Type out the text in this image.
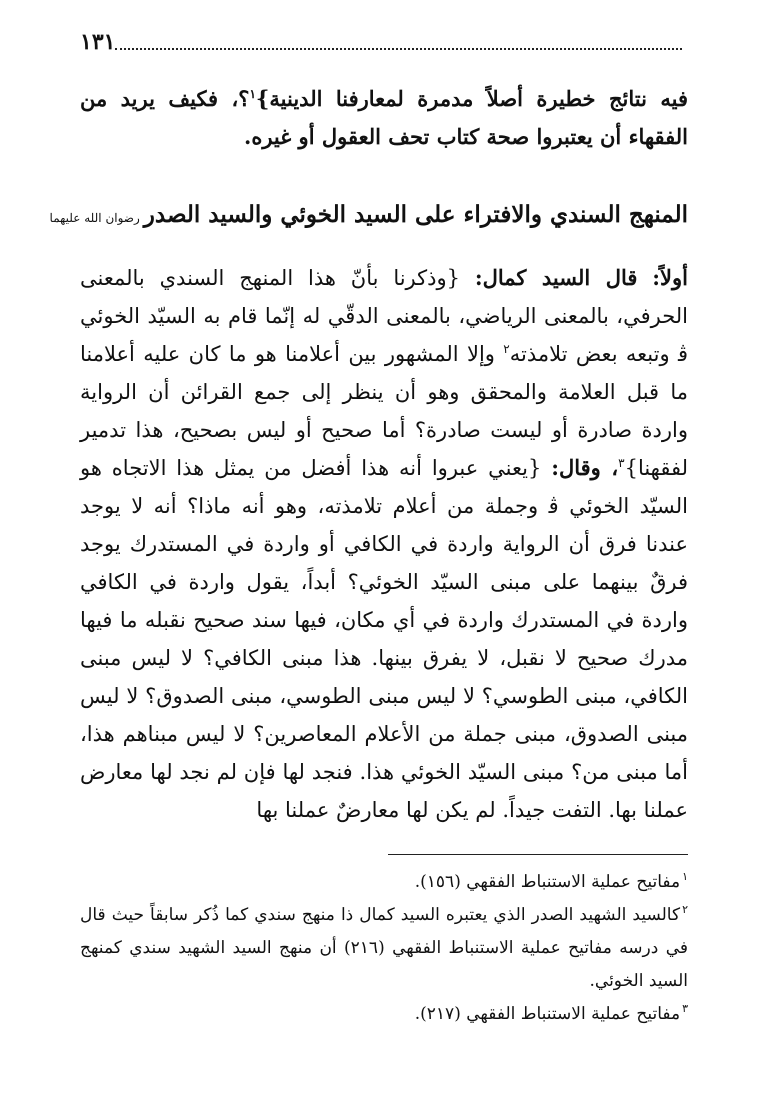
١٣١

فيه نتائج خطيرة أصلاً مدمرة لمعارفنا الدينية}$^١$؟، فكيف يريد من الفقهاء أن يعتبروا صحة كتاب تحف العقول أو غيره.

المنهج السندي والافتراء على السيد الخوئي والسيد الصدررضوان الله عليهما

أولاً: قال السيد كمال: {وذكرنا بأنّ هذا المنهج السندي بالمعنى الحرفي، بالمعنى الرياضي، بالمعنى الدقّي له إنّما قام به السيّد الخوئي ﭬ وتبعه بعض تلامذته$^٢$ وإلا المشهور بين أعلامنا هو ما كان عليه أعلامنا ما قبل العلامة والمحقق وهو أن ينظر إلى جمع القرائن أن الرواية واردة صادرة أو ليست صادرة؟ أما صحيح أو ليس بصحيح، هذا تدمير لفقهنا}$^٣$، وقال: {يعني عبروا أنه هذا أفضل من يمثل هذا الاتجاه هو السيّد الخوئي ﭬ وجملة من أعلام تلامذته، وهو أنه ماذا؟ أنه لا يوجد عندنا فرق أن الرواية واردة في الكافي أو واردة في المستدرك يوجد فرقٌ بينهما على مبنى السيّد الخوئي؟ أبداً، يقول واردة في الكافي واردة في المستدرك واردة في أي مكان، فيها سند صحيح نقبله ما فيها مدرك صحيح لا نقبل، لا يفرق بينها. هذا مبنى الكافي؟ لا ليس مبنى الكافي، مبنى الطوسي؟ لا ليس مبنى الطوسي، مبنى الصدوق؟ لا ليس مبنى الصدوق، مبنى جملة من الأعلام المعاصرين؟ لا ليس مبناهم هذا، أما مبنى من؟ مبنى السيّد الخوئي هذا. فنجد لها فإن لم نجد لها معارض عملنا بها. التفت جيداً. لم يكن لها معارضٌ عملنا بها

$^١$مفاتيح عملية الاستنباط الفقهي (١٥٦).

$^٢$كالسيد الشهيد الصدر الذي يعتبره السيد كمال ذا منهج سندي كما ذُكر سابقاً حيث قال في درسه مفاتيح عملية الاستنباط الفقهي (٢١٦) أن منهج السيد الشهيد سندي كمنهج السيد الخوئي.

$^٣$مفاتيح عملية الاستنباط الفقهي (٢١٧).
